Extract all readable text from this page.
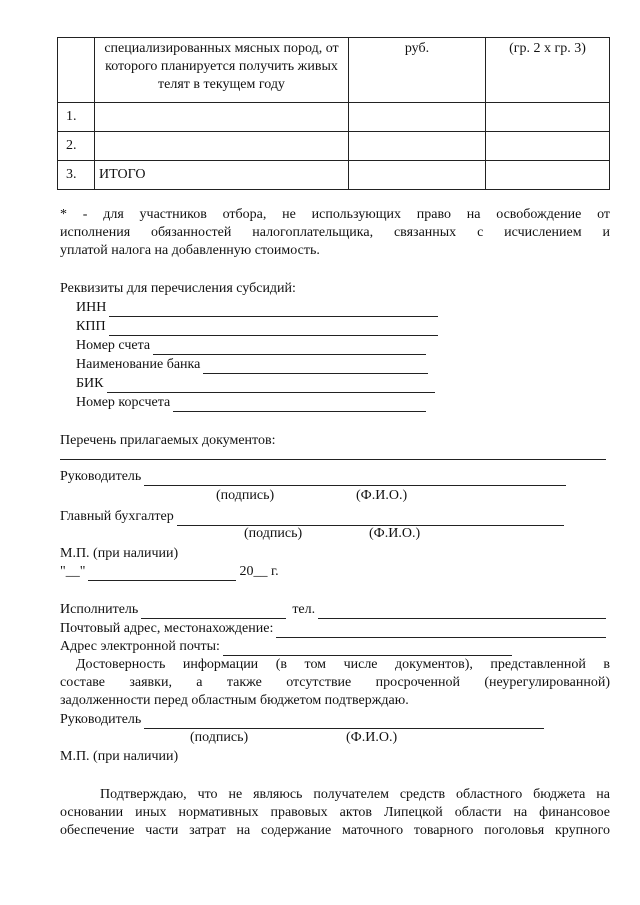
	специализированных мясных пород, от которого планируется получить живых телят в текущем году	руб.	(гр. 2 х гр. 3)
1.			
2.			
3.	ИТОГО		
* - для участников отбора, не использующих право на освобождение от
исполнения обязанностей налогоплательщика, связанных с исчислением и
уплатой налога на добавленную стоимость.
Реквизиты для перечисления субсидий:
ИНН
КПП
Номер счета
Наименование банка
БИК
Номер корсчета
Перечень прилагаемых документов:
Руководитель
(подпись)	(Ф.И.О.)
Главный бухгалтер
(подпись)	(Ф.И.О.)
М.П. (при наличии)
"__"	20__ г.
Исполнитель	тел.
Почтовый адрес, местонахождение:
Адрес электронной почты:
Достоверность информации (в том числе документов), представленной в
составе заявки, а также отсутствие просроченной (неурегулированной)
задолженности перед областным бюджетом подтверждаю.
Руководитель
(подпись)	(Ф.И.О.)
М.П. (при наличии)
Подтверждаю, что не являюсь получателем средств областного бюджета на
основании иных нормативных правовых актов Липецкой области на финансовое
обеспечение части затрат на содержание маточного товарного поголовья крупного
